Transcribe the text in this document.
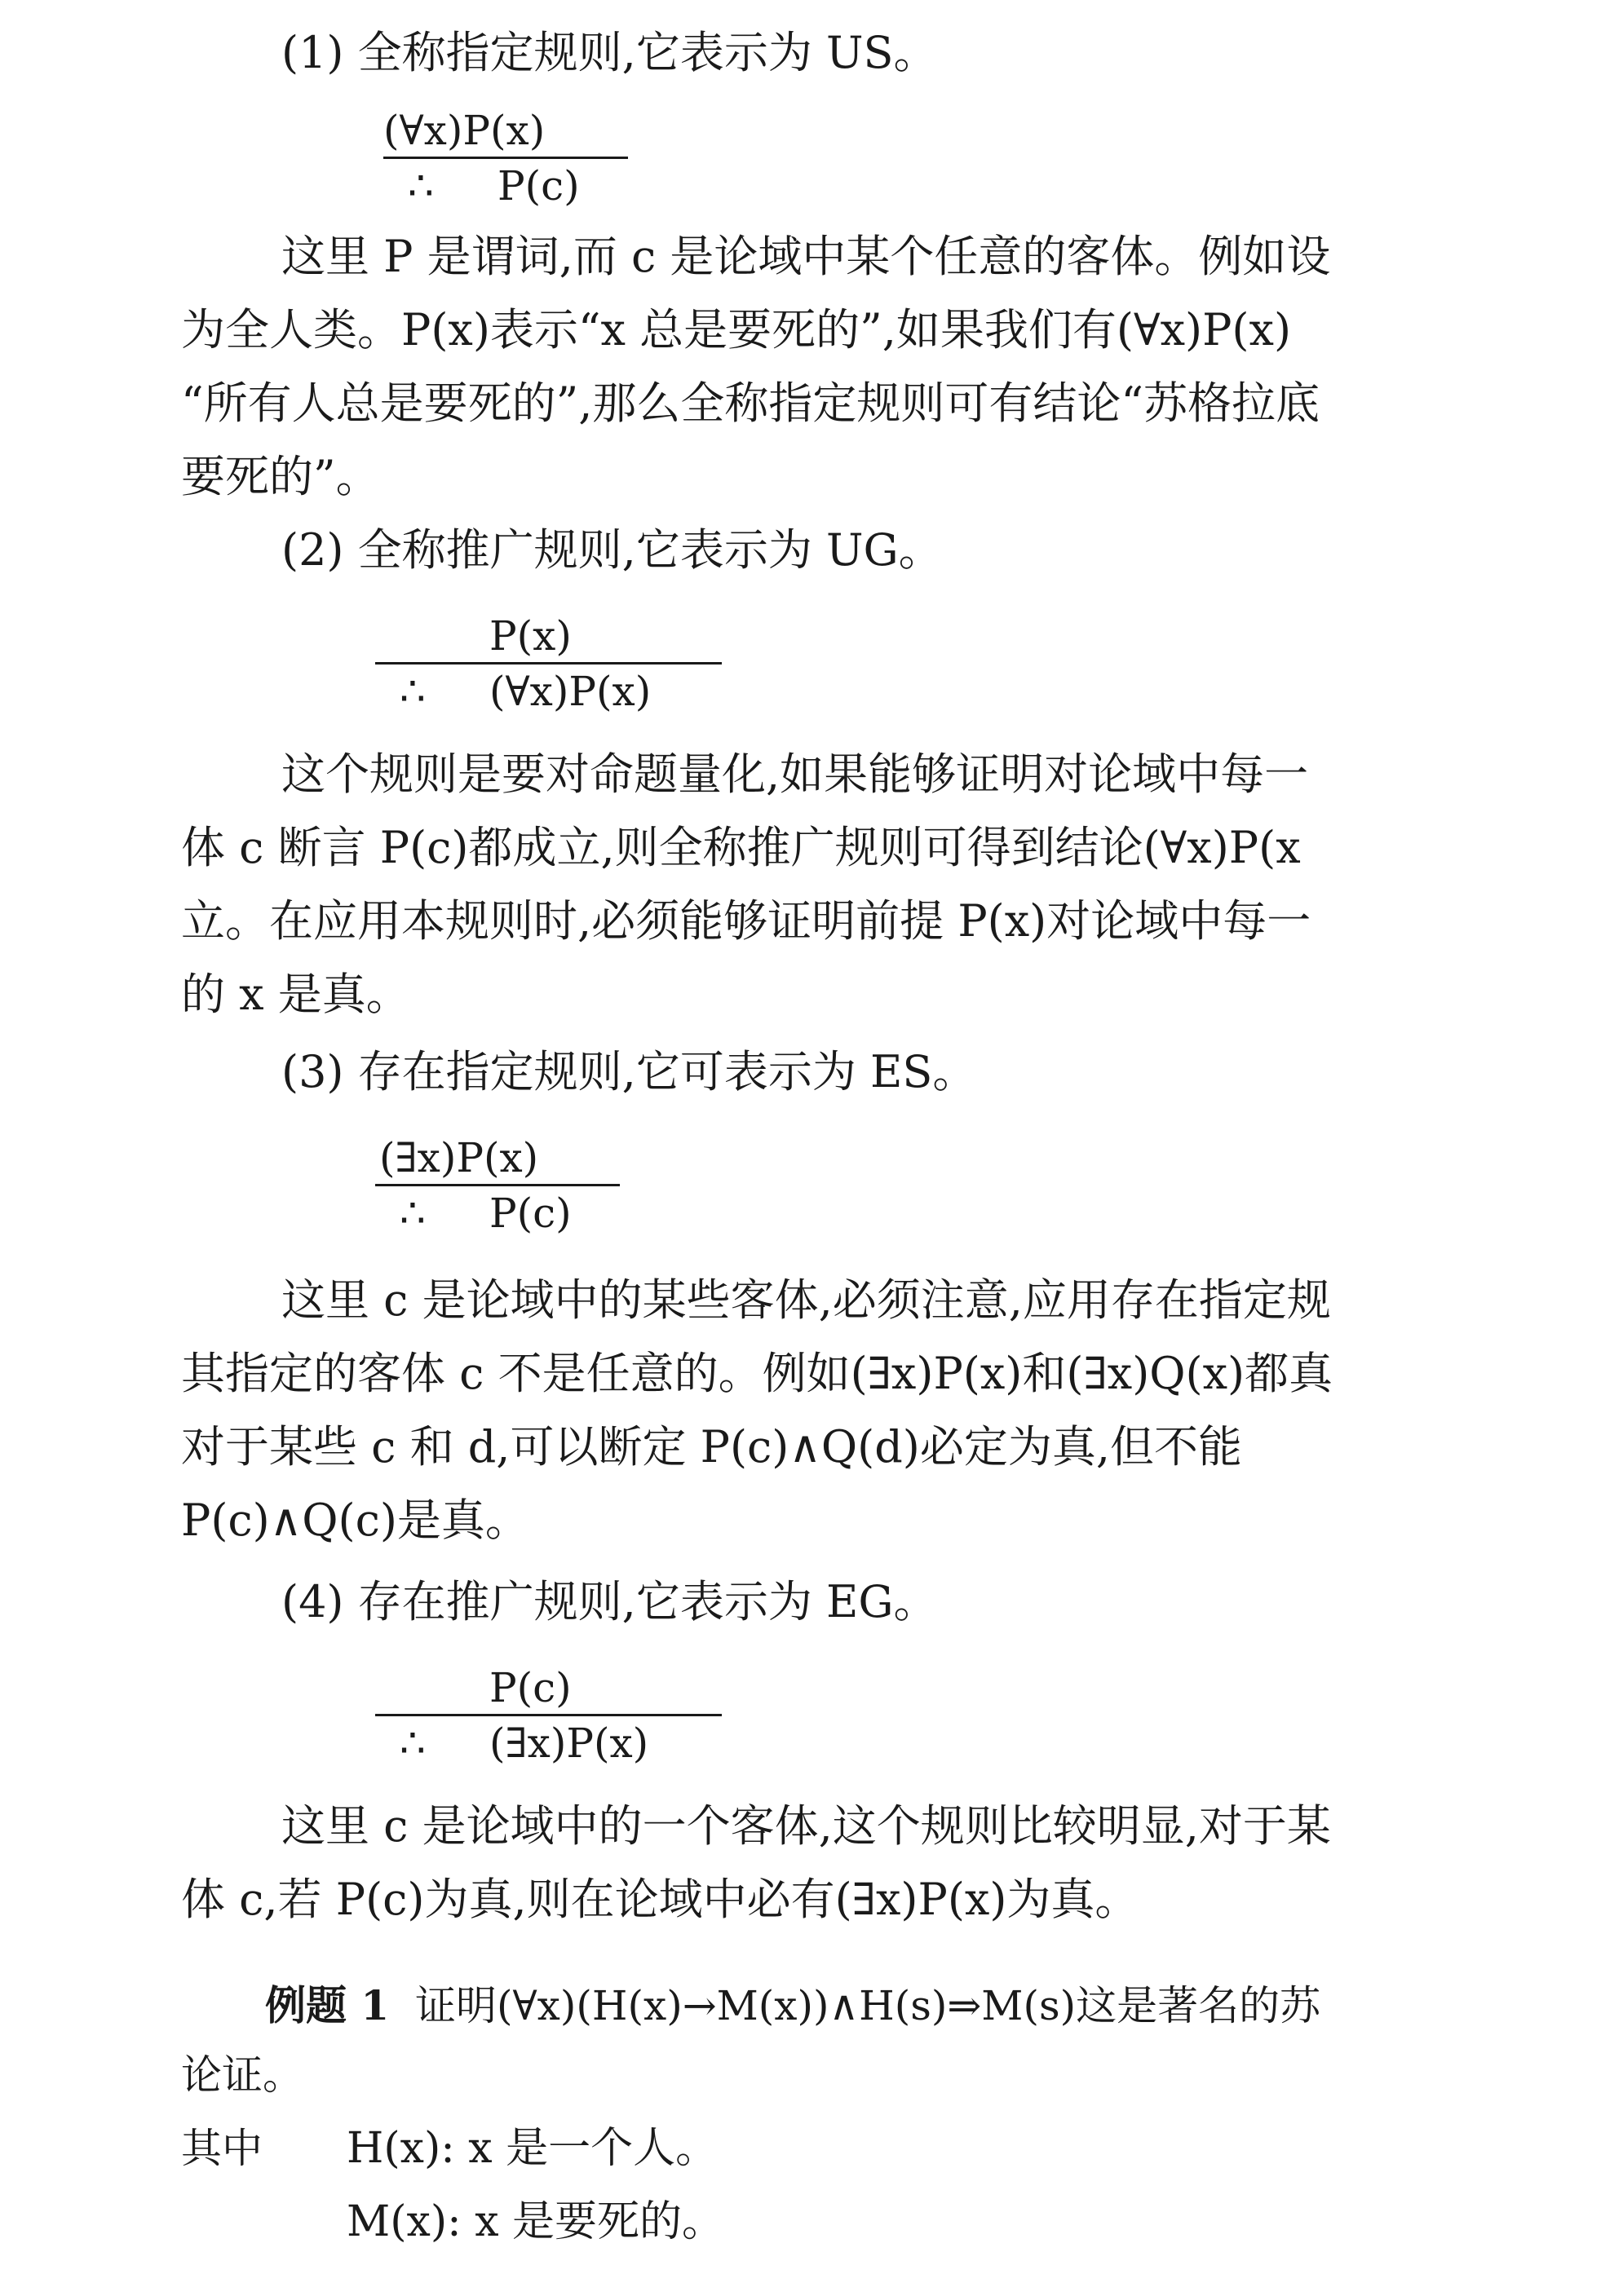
(1) 全称指定规则,它表示为 US。

(∀x)P(x)
∴ P(c)

这里 P 是谓词,而 c 是论域中某个任意的客体。例如设

为全人类。P(x)表示“x 总是要死的”,如果我们有(∀x)P(x)

“所有人总是要死的”,那么全称指定规则可有结论“苏格拉底

要死的”。

(2) 全称推广规则,它表示为 UG。

P(x)
∴ (∀x)P(x)

这个规则是要对命题量化,如果能够证明对论域中每一

体 c 断言 P(c)都成立,则全称推广规则可得到结论(∀x)P(x

立。在应用本规则时,必须能够证明前提 P(x)对论域中每一

的 x 是真。

(3) 存在指定规则,它可表示为 ES。

(∃x)P(x)
∴ P(c)

这里 c 是论域中的某些客体,必须注意,应用存在指定规

其指定的客体 c 不是任意的。例如(∃x)P(x)和(∃x)Q(x)都真

对于某些 c 和 d,可以断定 P(c)∧Q(d)必定为真,但不能

P(c)∧Q(c)是真。

(4) 存在推广规则,它表示为 EG。

P(c)
∴ (∃x)P(x)

这里 c 是论域中的一个客体,这个规则比较明显,对于某

体 c,若 P(c)为真,则在论域中必有(∃x)P(x)为真。

例题 1 证明(∀x)(H(x)→M(x))∧H(s)⇒M(s)这是著名的苏

论证。

其中 H(x): x 是一个人。

M(x): x 是要死的。
